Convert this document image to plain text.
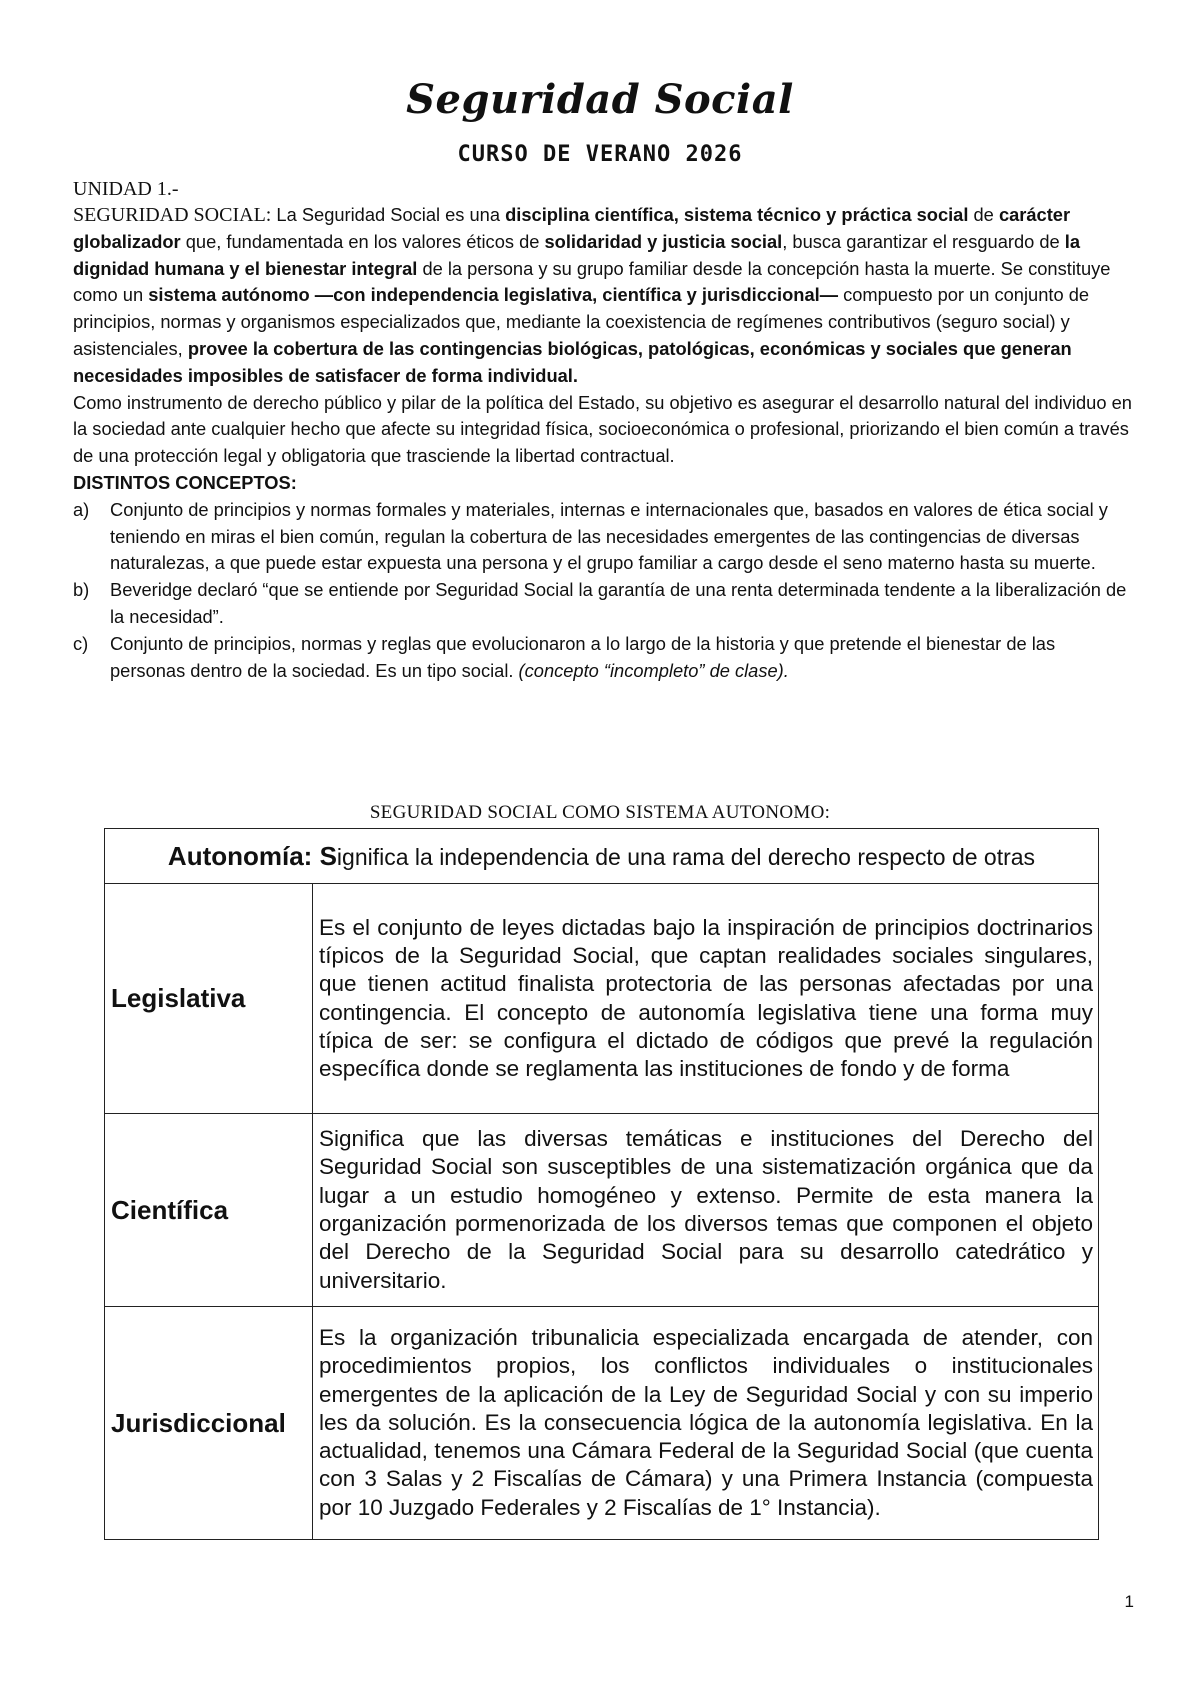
Seguridad Social
CURSO DE VERANO 2026
UNIDAD 1.-

SEGURIDAD SOCIAL: La Seguridad Social es una disciplina científica, sistema técnico y práctica social de carácter globalizador que, fundamentada en los valores éticos de solidaridad y justicia social, busca garantizar el resguardo de la dignidad humana y el bienestar integral de la persona y su grupo familiar desde la concepción hasta la muerte. Se constituye como un sistema autónomo —con independencia legislativa, científica y jurisdiccional— compuesto por un conjunto de principios, normas y organismos especializados que, mediante la coexistencia de regímenes contributivos (seguro social) y asistenciales, provee la cobertura de las contingencias biológicas, patológicas, económicas y sociales que generan necesidades imposibles de satisfacer de forma individual.

Como instrumento de derecho público y pilar de la política del Estado, su objetivo es asegurar el desarrollo natural del individuo en la sociedad ante cualquier hecho que afecte su integridad física, socioeconómica o profesional, priorizando el bien común a través de una protección legal y obligatoria que trasciende la libertad contractual.

DISTINTOS CONCEPTOS:

a) Conjunto de principios y normas formales y materiales, internas e internacionales que, basados en valores de ética social y teniendo en miras el bien común, regulan la cobertura de las necesidades emergentes de las contingencias de diversas naturalezas, a que puede estar expuesta una persona y el grupo familiar a cargo desde el seno materno hasta su muerte.
b) Beveridge declaró “que se entiende por Seguridad Social la garantía de una renta determinada tendente a la liberalización de la necesidad”.
c) Conjunto de principios, normas y reglas que evolucionaron a lo largo de la historia y que pretende el bienestar de las personas dentro de la sociedad. Es un tipo social. (concepto “incompleto” de clase).
SEGURIDAD SOCIAL COMO SISTEMA AUTONOMO:
Autonomía: Significa la independencia de una rama del derecho respecto de otras	
Legislativa	Es el conjunto de leyes dictadas bajo la inspiración de principios doctrinarios típicos de la Seguridad Social, que captan realidades sociales singulares, que tienen actitud finalista protectoria de las personas afectadas por una contingencia. El concepto de autonomía legislativa tiene una forma muy típica de ser: se configura el dictado de códigos que prevé la regulación específica donde se reglamenta las instituciones de fondo y de forma
Científica	Significa que las diversas temáticas e instituciones del Derecho del Seguridad Social son susceptibles de una sistematización orgánica que da lugar a un estudio homogéneo y extenso. Permite de esta manera la organización pormenorizada de los diversos temas que componen el objeto del Derecho de la Seguridad Social para su desarrollo catedrático y universitario.
Jurisdiccional	Es la organización tribunalicia especializada encargada de atender, con procedimientos propios, los conflictos individuales o institucionales emergentes de la aplicación de la Ley de Seguridad Social y con su imperio les da solución. Es la consecuencia lógica de la autonomía legislativa. En la actualidad, tenemos una Cámara Federal de la Seguridad Social (que cuenta con 3 Salas y 2 Fiscalías de Cámara) y una Primera Instancia (compuesta por 10 Juzgado Federales y 2 Fiscalías de 1° Instancia).
1
